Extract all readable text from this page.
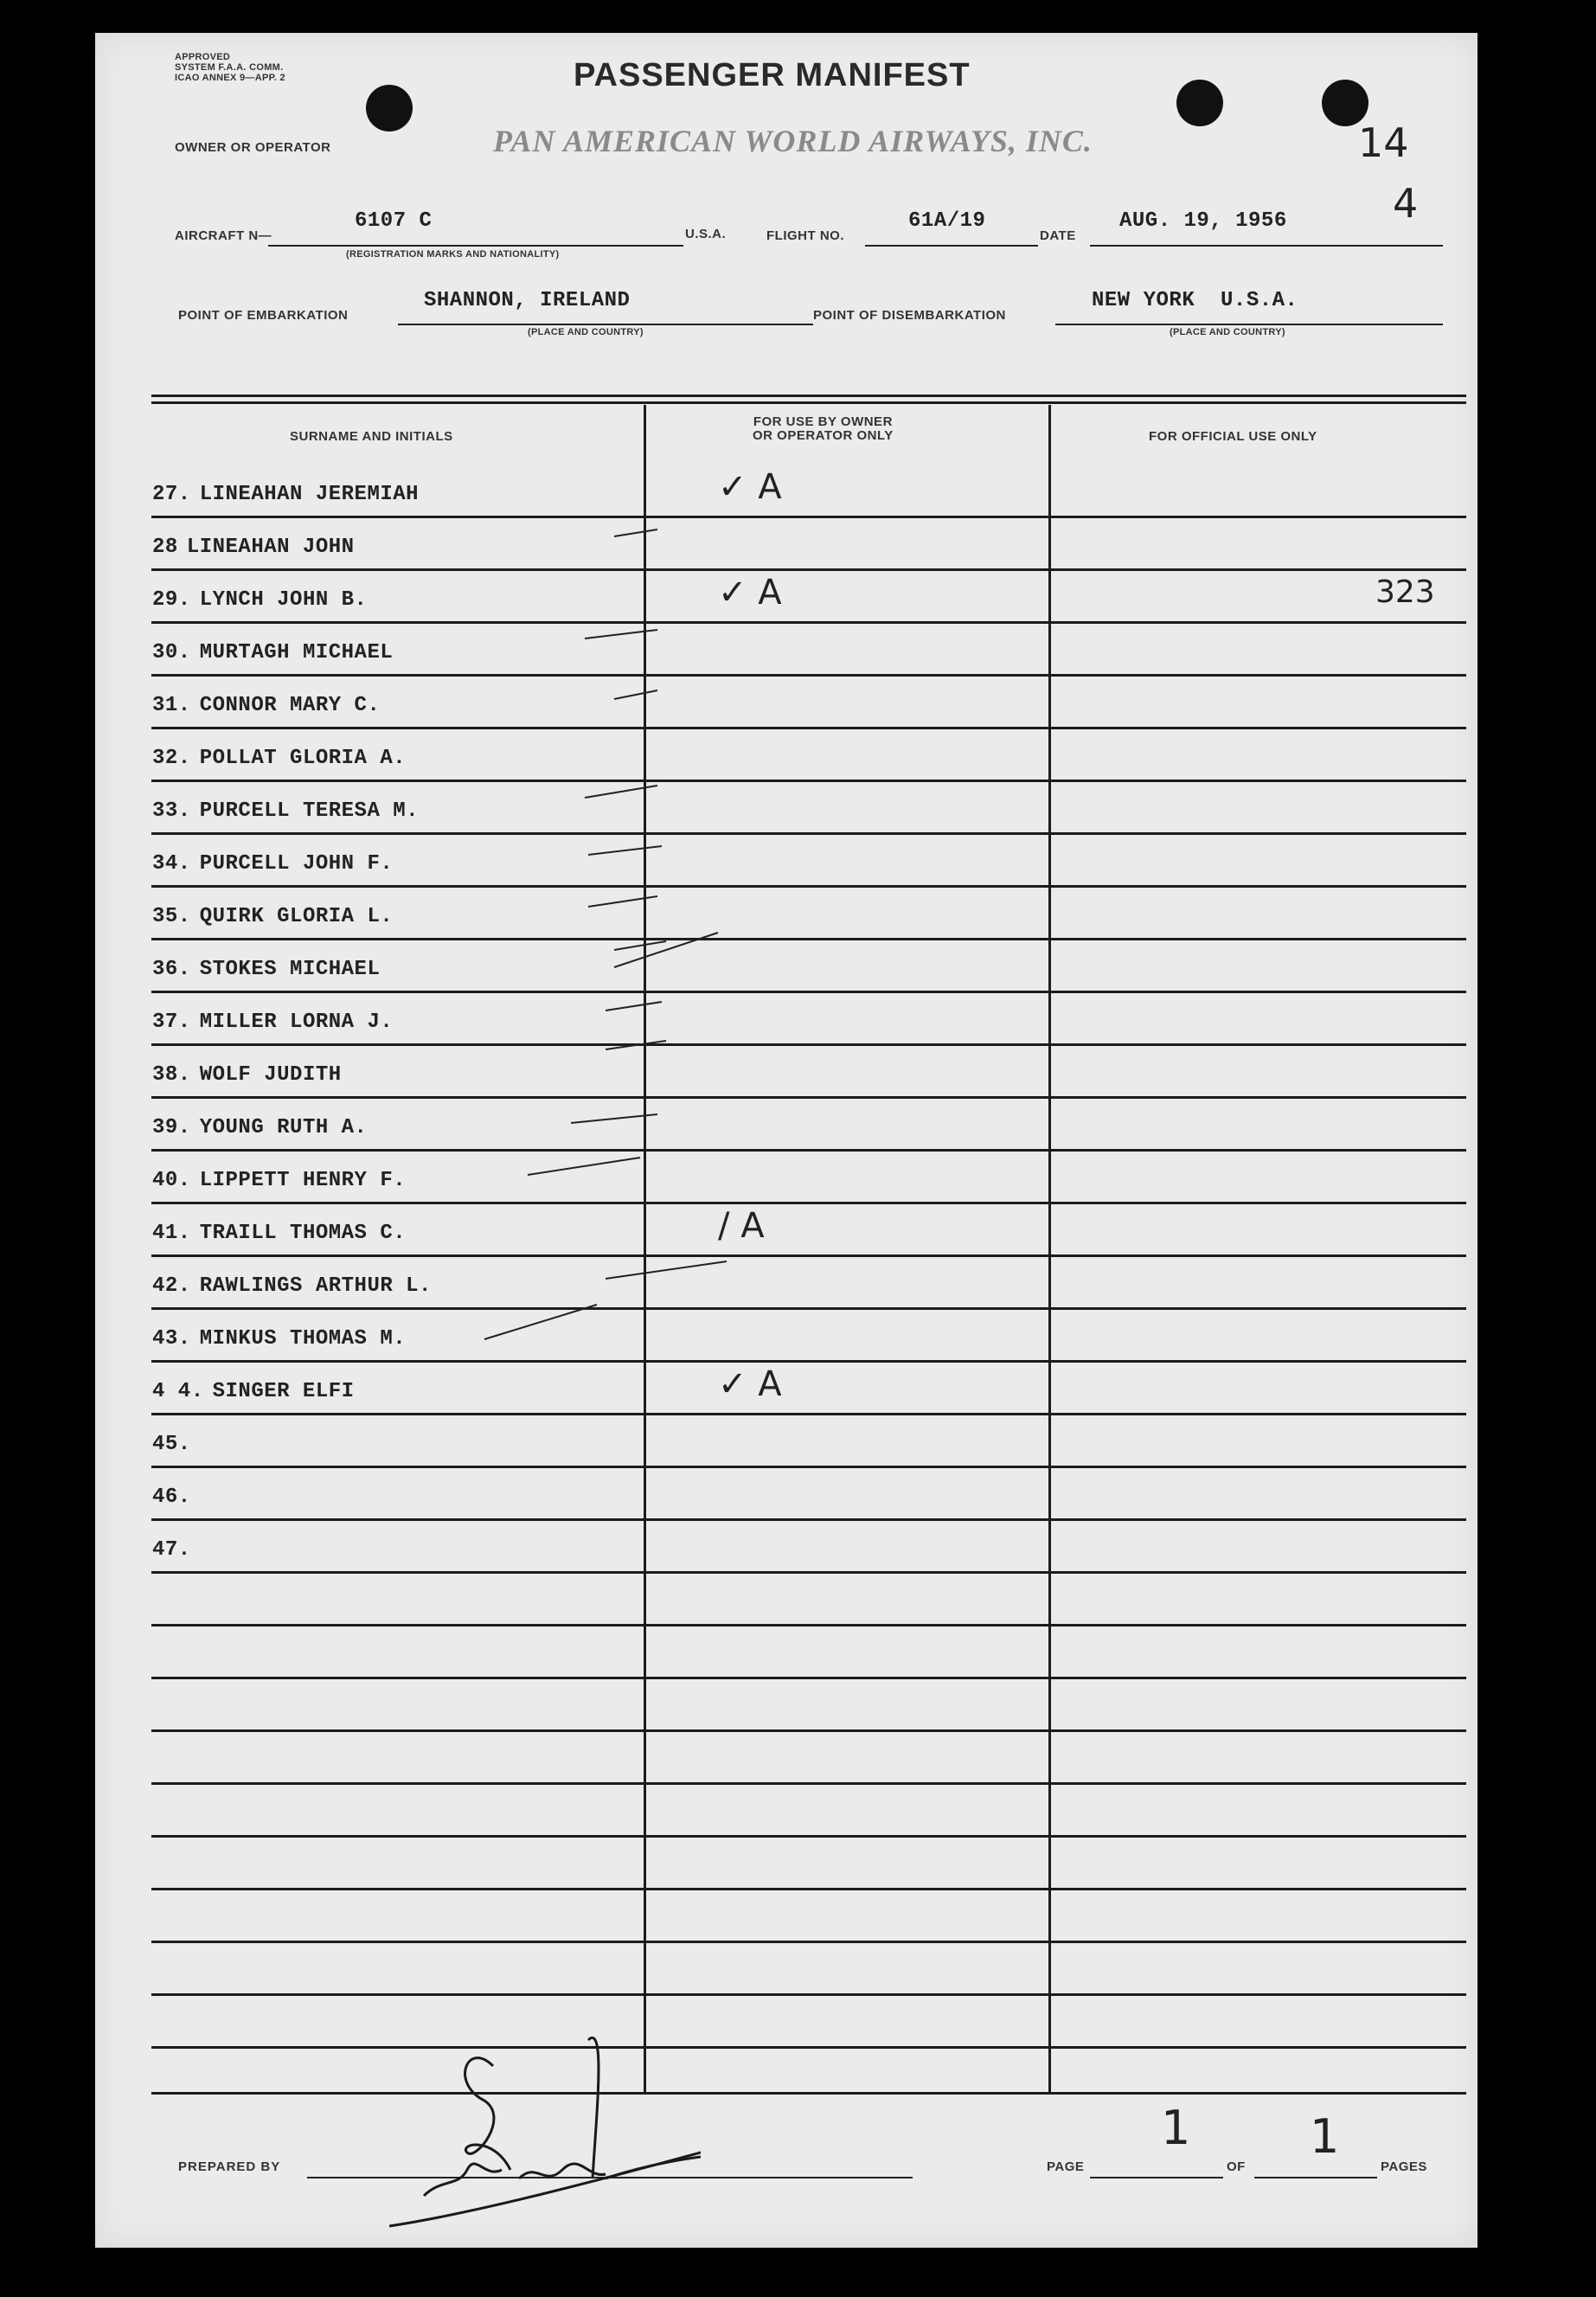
APPROVED
SYSTEM F.A.A. COMM.
ICAO ANNEX 9—APP. 2	PASSENGER MANIFEST
OWNER OR OPERATOR	PAN AMERICAN WORLD AIRWAYS, INC.	14
4
AIRCRAFT N—
6107 C
(REGISTRATION MARKS AND NATIONALITY)
U.S.A.	FLIGHT NO.
61A/19
DATE
AUG. 19, 1956
POINT OF EMBARKATION
SHANNON, IRELAND
(PLACE AND COUNTRY)
POINT OF DISEMBARKATION
NEW YORK  U.S.A.
(PLACE AND COUNTRY)
SURNAME AND INITIALS
FOR USE BY OWNER
OR OPERATOR ONLY	FOR OFFICIAL USE ONLY
27. LINEAHAN JEREMIAH	✓ A
28 LINEAHAN JOHN
29. LYNCH JOHN B.	✓ A	323
30. MURTAGH MICHAEL
31. CONNOR MARY C.
32. POLLAT GLORIA A.
33. PURCELL TERESA M.
34. PURCELL JOHN F.
35. QUIRK GLORIA L.
36. STOKES MICHAEL
37. MILLER LORNA J.
38. WOLF JUDITH
39. YOUNG RUTH A.
40. LIPPETT HENRY F.
41. TRAILL THOMAS C.	/ A
42. RAWLINGS ARTHUR L.
43. MINKUS THOMAS M.
4 4. SINGER ELFI	✓ A
45.
46.
47.
PREPARED BY	PAGE
1
OF
1
PAGES
